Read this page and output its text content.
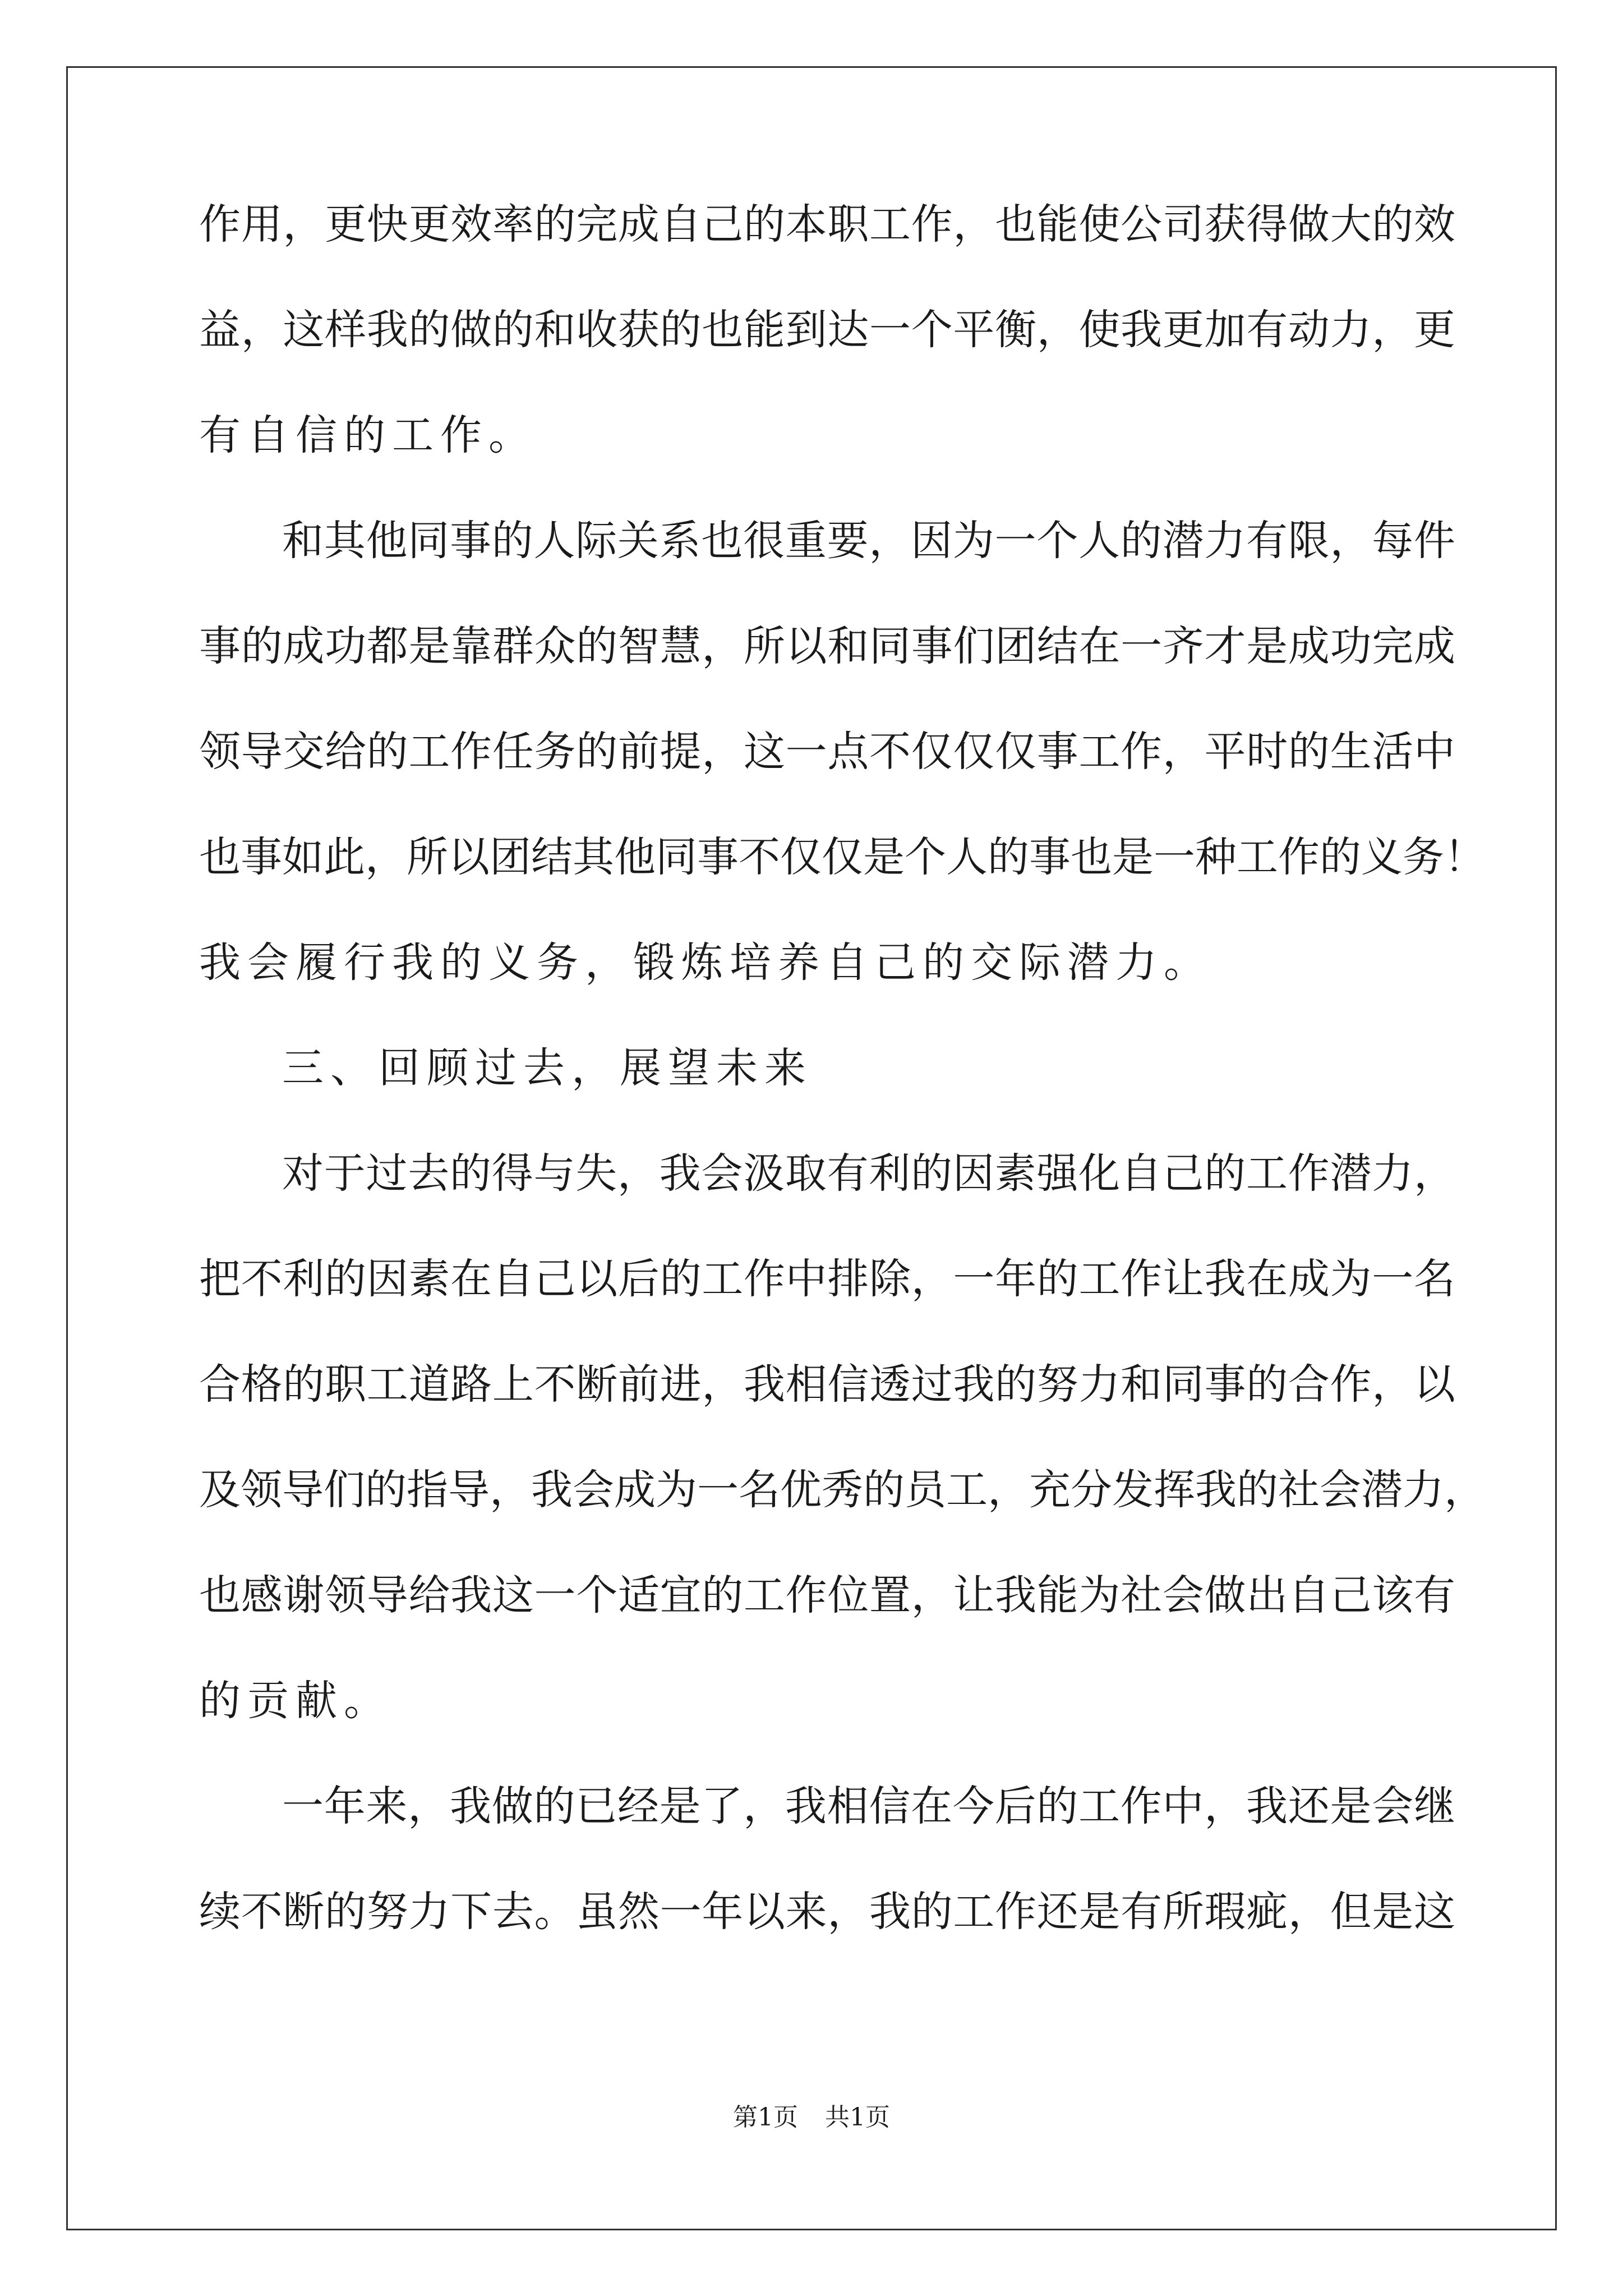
作用，更快更效率的完成自己的本职工作，也能使公司获得做大的效
益，这样我的做的和收获的也能到达一个平衡，使我更加有动力，更
有自信的工作。
和其他同事的人际关系也很重要，因为一个人的潜力有限，每件
事的成功都是靠群众的智慧，所以和同事们团结在一齐才是成功完成
领导交给的工作任务的前提，这一点不仅仅仅事工作，平时的生活中
也事如此，所以团结其他同事不仅仅是个人的事也是一种工作的义务！
我会履行我的义务，锻炼培养自己的交际潜力。
三、回顾过去，展望未来
对于过去的得与失，我会汲取有利的因素强化自己的工作潜力，
把不利的因素在自己以后的工作中排除，一年的工作让我在成为一名
合格的职工道路上不断前进，我相信透过我的努力和同事的合作，以
及领导们的指导，我会成为一名优秀的员工，充分发挥我的社会潜力，
也感谢领导给我这一个适宜的工作位置，让我能为社会做出自己该有
的贡献。
一年来，我做的已经是了，我相信在今后的工作中，我还是会继
续不断的努力下去。虽然一年以来，我的工作还是有所瑕疵，但是这
第1页 共1页
